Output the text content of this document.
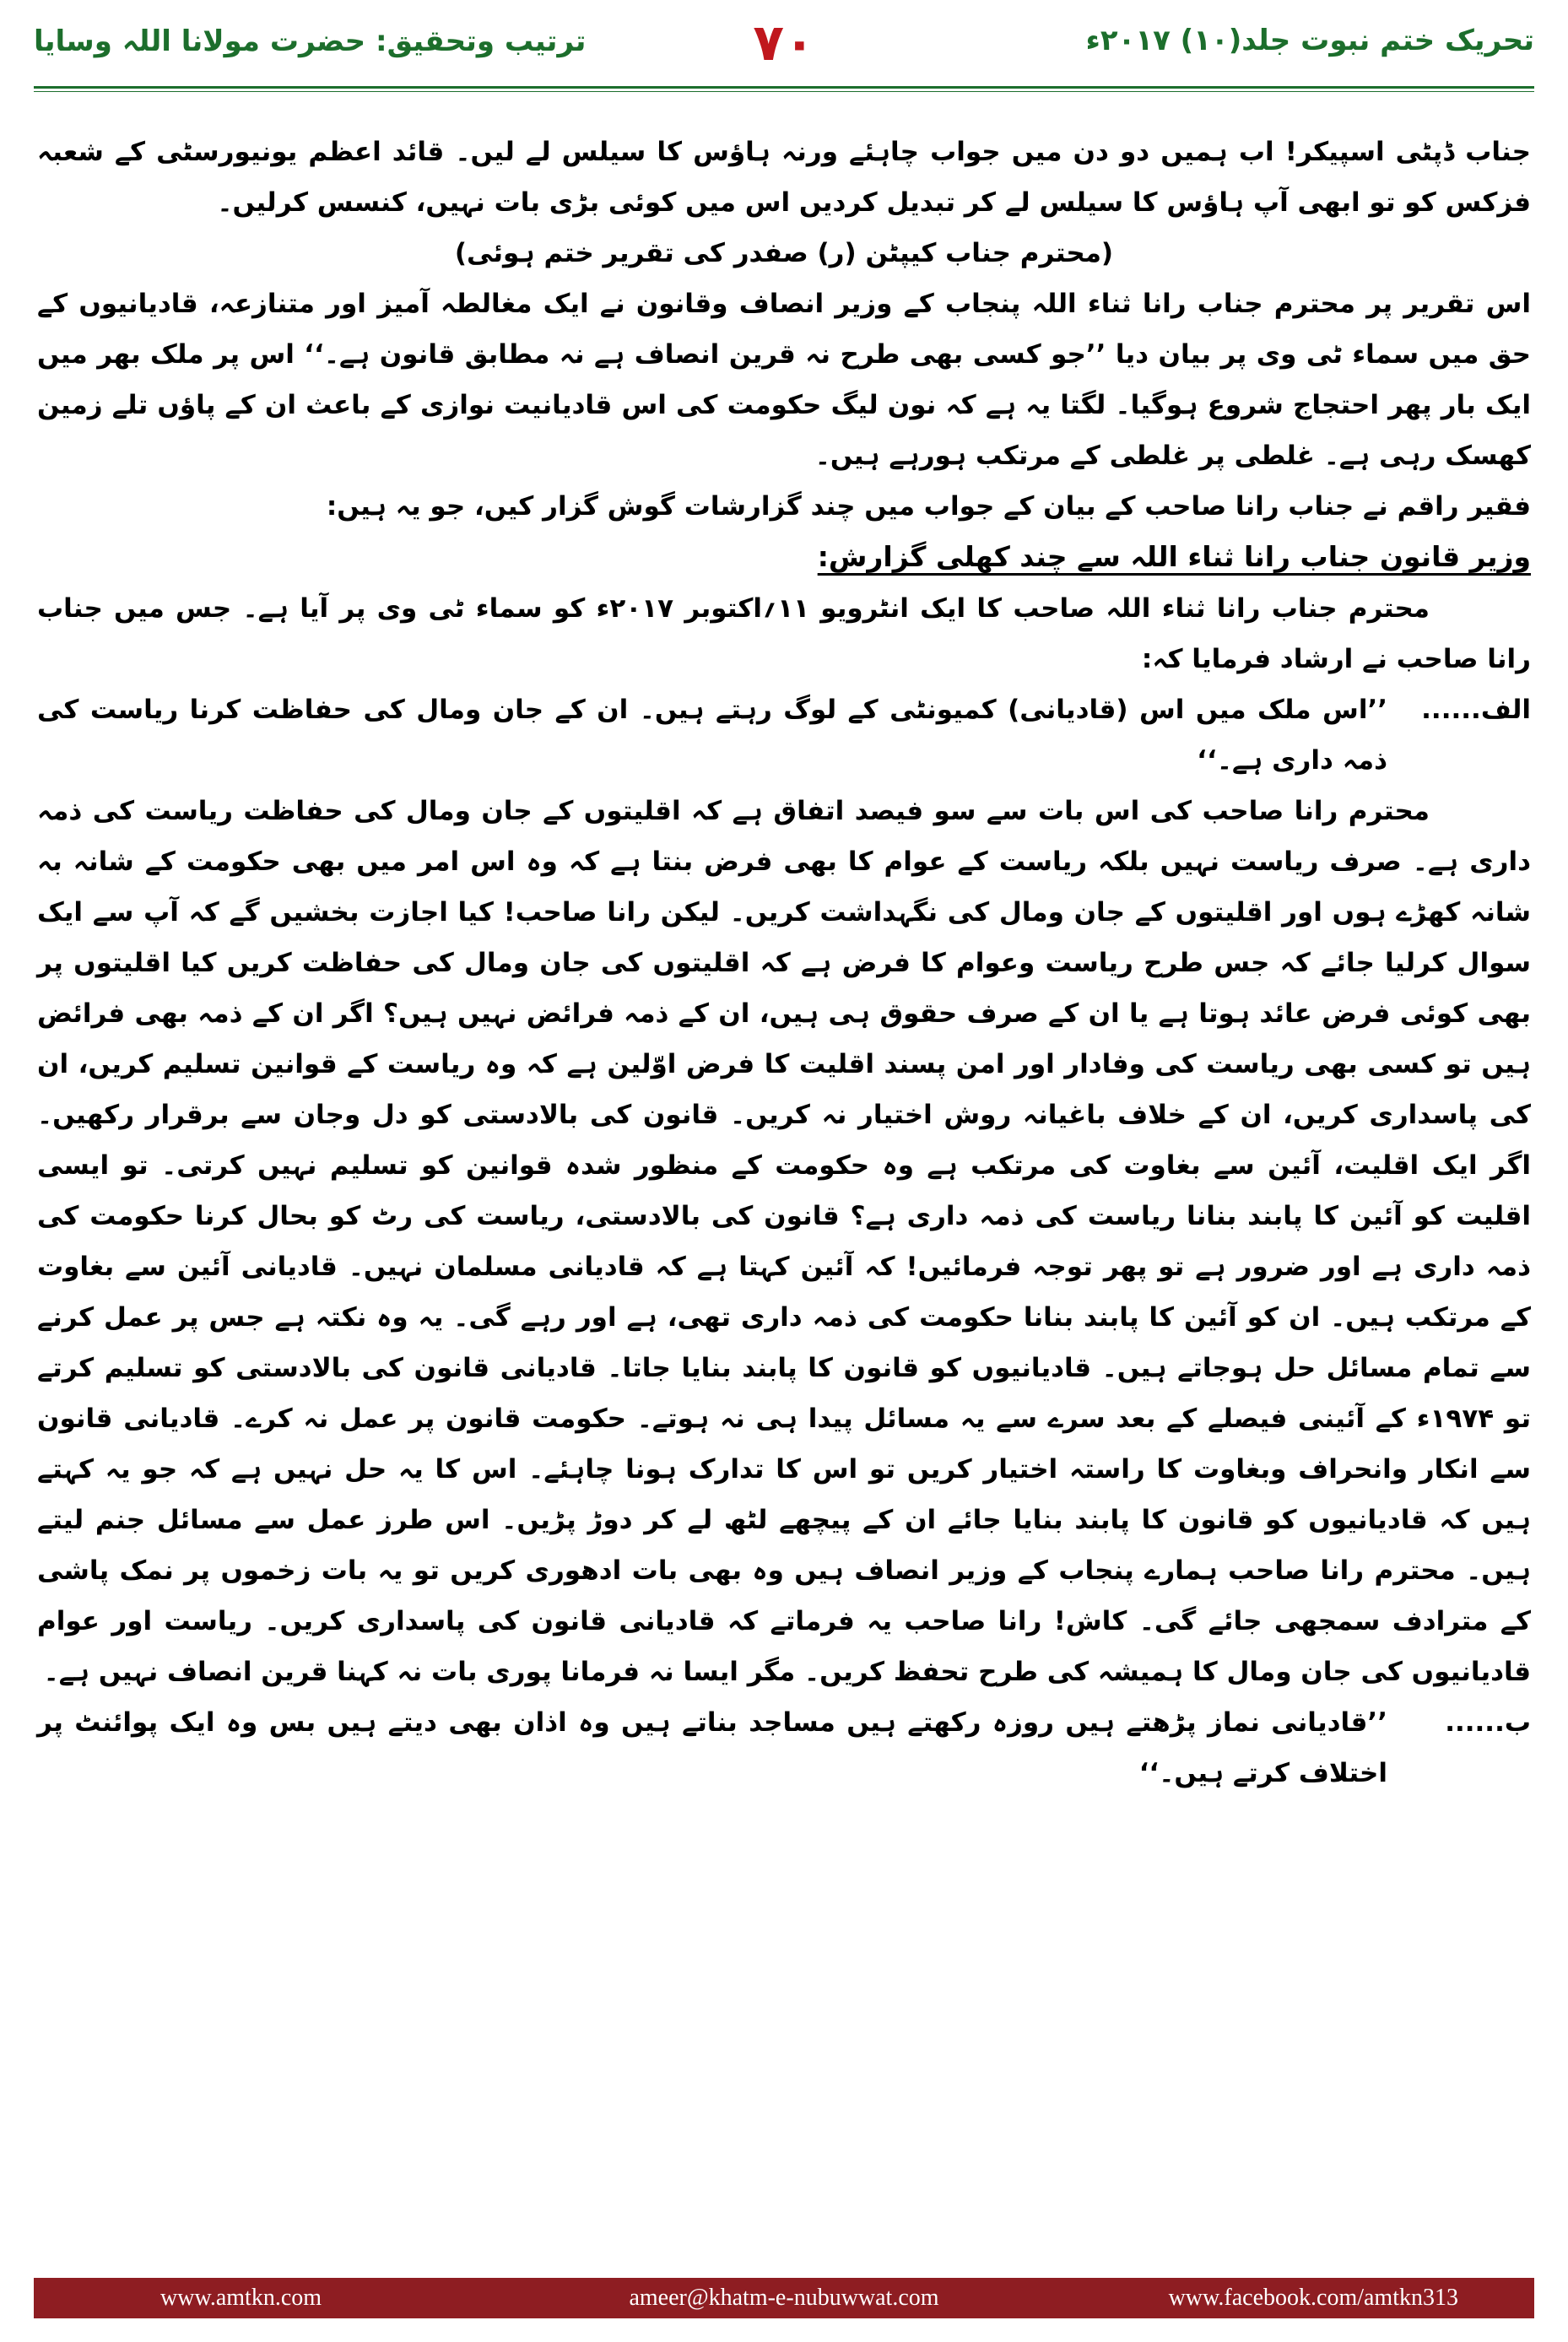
تحریک ختم نبوت جلد(۱۰) ۲۰۱۷ء
۷۰
ترتیب وتحقیق: حضرت مولانا اللہ وسایا

جناب ڈپٹی اسپیکر! اب ہمیں دو دن میں جواب چاہئے ورنہ ہاؤس کا سیلس لے لیں۔ قائد اعظم یونیورسٹی کے شعبہ فزکس کو تو ابھی آپ ہاؤس کا سیلس لے کر تبدیل کردیں اس میں کوئی بڑی بات نہیں، کنسس کرلیں۔

(محترم جناب کیپٹن (ر) صفدر کی تقریر ختم ہوئی)

اس تقریر پر محترم جناب رانا ثناء اللہ پنجاب کے وزیر انصاف وقانون نے ایک مغالطہ آمیز اور متنازعہ، قادیانیوں کے حق میں سماء ٹی وی پر بیان دیا ’’جو کسی بھی طرح نہ قرین انصاف ہے نہ مطابق قانون ہے۔‘‘ اس پر ملک بھر میں ایک بار پھر احتجاج شروع ہوگیا۔ لگتا یہ ہے کہ نون لیگ حکومت کی اس قادیانیت نوازی کے باعث ان کے پاؤں تلے زمین کھسک رہی ہے۔ غلطی پر غلطی کے مرتکب ہورہے ہیں۔

فقیر راقم نے جناب رانا صاحب کے بیان کے جواب میں چند گزارشات گوش گزار کیں، جو یہ ہیں:

وزیر قانون جناب رانا ثناء اللہ سے چند کھلی گزارش:

محترم جناب رانا ثناء اللہ صاحب کا ایک انٹرویو ۱۱؍اکتوبر ۲۰۱۷ء کو سماء ٹی وی پر آیا ہے۔ جس میں جناب رانا صاحب نے ارشاد فرمایا کہ:

الف......
’’اس ملک میں اس (قادیانی) کمیونٹی کے لوگ رہتے ہیں۔ ان کے جان ومال کی حفاظت کرنا ریاست کی ذمہ داری ہے۔‘‘

محترم رانا صاحب کی اس بات سے سو فیصد اتفاق ہے کہ اقلیتوں کے جان ومال کی حفاظت ریاست کی ذمہ داری ہے۔ صرف ریاست نہیں بلکہ ریاست کے عوام کا بھی فرض بنتا ہے کہ وہ اس امر میں بھی حکومت کے شانہ بہ شانہ کھڑے ہوں اور اقلیتوں کے جان ومال کی نگہداشت کریں۔ لیکن رانا صاحب! کیا اجازت بخشیں گے کہ آپ سے ایک سوال کرلیا جائے کہ جس طرح ریاست وعوام کا فرض ہے کہ اقلیتوں کی جان ومال کی حفاظت کریں کیا اقلیتوں پر بھی کوئی فرض عائد ہوتا ہے یا ان کے صرف حقوق ہی ہیں، ان کے ذمہ فرائض نہیں ہیں؟ اگر ان کے ذمہ بھی فرائض ہیں تو کسی بھی ریاست کی وفادار اور امن پسند اقلیت کا فرض اوّلین ہے کہ وہ ریاست کے قوانین تسلیم کریں، ان کی پاسداری کریں، ان کے خلاف باغیانہ روش اختیار نہ کریں۔ قانون کی بالادستی کو دل وجان سے برقرار رکھیں۔ اگر ایک اقلیت، آئین سے بغاوت کی مرتکب ہے وہ حکومت کے منظور شدہ قوانین کو تسلیم نہیں کرتی۔ تو ایسی اقلیت کو آئین کا پابند بنانا ریاست کی ذمہ داری ہے؟ قانون کی بالادستی، ریاست کی رٹ کو بحال کرنا حکومت کی ذمہ داری ہے اور ضرور ہے تو پھر توجہ فرمائیں! کہ آئین کہتا ہے کہ قادیانی مسلمان نہیں۔ قادیانی آئین سے بغاوت کے مرتکب ہیں۔ ان کو آئین کا پابند بنانا حکومت کی ذمہ داری تھی، ہے اور رہے گی۔ یہ وہ نکتہ ہے جس پر عمل کرنے سے تمام مسائل حل ہوجاتے ہیں۔ قادیانیوں کو قانون کا پابند بنایا جاتا۔ قادیانی قانون کی بالادستی کو تسلیم کرتے تو ۱۹۷۴ء کے آئینی فیصلے کے بعد سرے سے یہ مسائل پیدا ہی نہ ہوتے۔ حکومت قانون پر عمل نہ کرے۔ قادیانی قانون سے انکار وانحراف وبغاوت کا راستہ اختیار کریں تو اس کا تدارک ہونا چاہئے۔ اس کا یہ حل نہیں ہے کہ جو یہ کہتے ہیں کہ قادیانیوں کو قانون کا پابند بنایا جائے ان کے پیچھے لٹھ لے کر دوڑ پڑیں۔ اس طرز عمل سے مسائل جنم لیتے ہیں۔ محترم رانا صاحب ہمارے پنجاب کے وزیر انصاف ہیں وہ بھی بات ادھوری کریں تو یہ بات زخموں پر نمک پاشی کے مترادف سمجھی جائے گی۔ کاش! رانا صاحب یہ فرماتے کہ قادیانی قانون کی پاسداری کریں۔ ریاست اور عوام قادیانیوں کی جان ومال کا ہمیشہ کی طرح تحفظ کریں۔ مگر ایسا نہ فرمانا پوری بات نہ کہنا قرین انصاف نہیں ہے۔

ب......
’’قادیانی نماز پڑھتے ہیں روزہ رکھتے ہیں مساجد بناتے ہیں وہ اذان بھی دیتے ہیں بس وہ ایک پوائنٹ پر اختلاف کرتے ہیں۔‘‘
www.amtkn.com	ameer@khatm-e-nubuwwat.com	www.facebook.com/amtkn313
